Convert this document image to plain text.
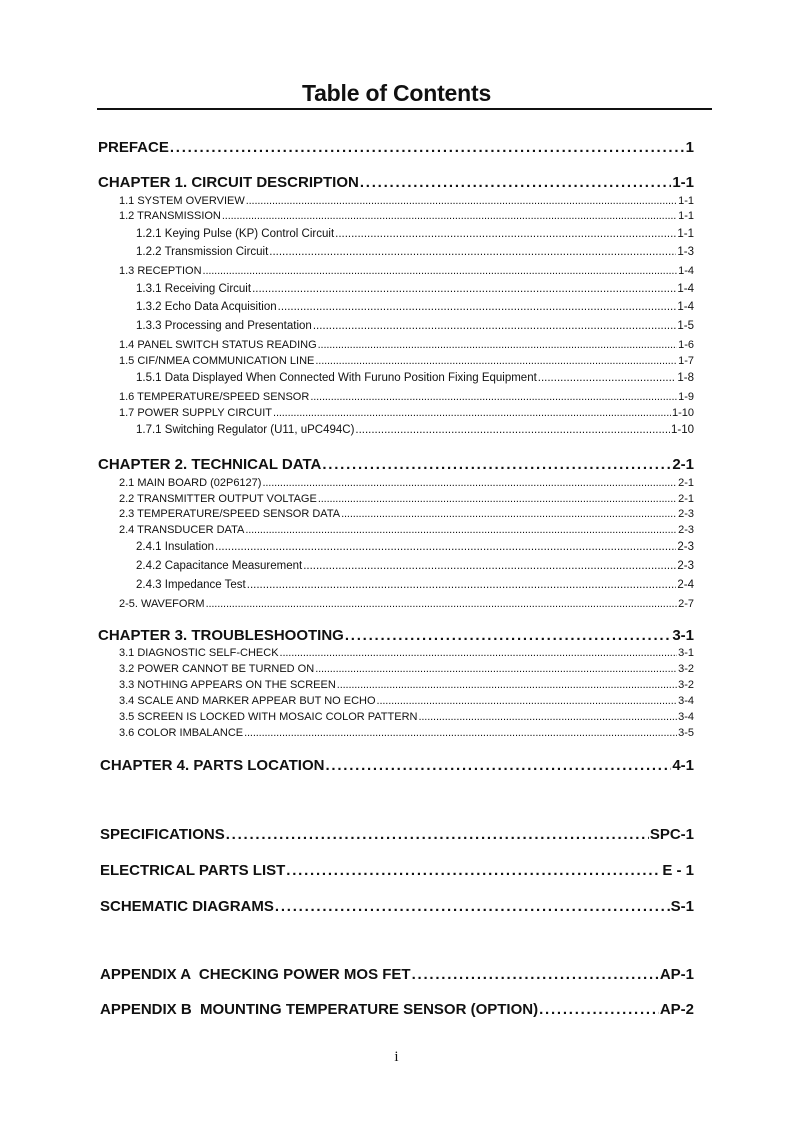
Table of Contents
PREFACE . . .	1
CHAPTER 1. CIRCUIT DESCRIPTION . . .	1-1
1.1 SYSTEM OVERVIEW . . .	1-1
1.2 TRANSMISSION . . .	1-1
1.2.1 Keying Pulse (KP) Control Circuit . . .	1-1
1.2.2 Transmission Circuit . . .	1-3
1.3 RECEPTION . . .	1-4
1.3.1 Receiving Circuit . . .	1-4
1.3.2 Echo Data Acquisition . . .	1-4
1.3.3 Processing and Presentation . . .	1-5
1.4 PANEL SWITCH STATUS READING . . .	1-6
1.5 CIF/NMEA COMMUNICATION LINE . . .	1-7
1.5.1 Data Displayed When Connected With Furuno Position Fixing Equipment . . .	1-8
1.6 TEMPERATURE/SPEED SENSOR . . .	1-9
1.7 POWER SUPPLY CIRCUIT . . .	1-10
1.7.1 Switching Regulator (U11, uPC494C) . . .	1-10
CHAPTER 2. TECHNICAL DATA . . .	2-1
2.1 MAIN BOARD (02P6127) . . .	2-1
2.2 TRANSMITTER OUTPUT VOLTAGE . . .	2-1
2.3 TEMPERATURE/SPEED SENSOR DATA . . .	2-3
2.4 TRANSDUCER DATA . . .	2-3
2.4.1 Insulation . . .	2-3
2.4.2 Capacitance Measurement . . .	2-3
2.4.3 Impedance Test . . .	2-4
2-5. WAVEFORM . . .	2-7
CHAPTER 3. TROUBLESHOOTING . . .	3-1
3.1 DIAGNOSTIC SELF-CHECK . . .	3-1
3.2 POWER CANNOT BE TURNED ON . . .	3-2
3.3 NOTHING APPEARS ON THE SCREEN . . .	3-2
3.4 SCALE AND MARKER APPEAR BUT NO ECHO . . .	3-4
3.5 SCREEN IS LOCKED WITH MOSAIC COLOR PATTERN . . .	3-4
3.6 COLOR IMBALANCE . . .	3-5
CHAPTER 4. PARTS LOCATION . . .	4-1
SPECIFICATIONS . . .	SPC-1
ELECTRICAL PARTS LIST . . .	E - 1
SCHEMATIC DIAGRAMS . . .	S-1
APPENDIX A  CHECKING POWER MOS FET . . .	AP-1
APPENDIX B  MOUNTING TEMPERATURE SENSOR (OPTION) . . .	AP-2
i
